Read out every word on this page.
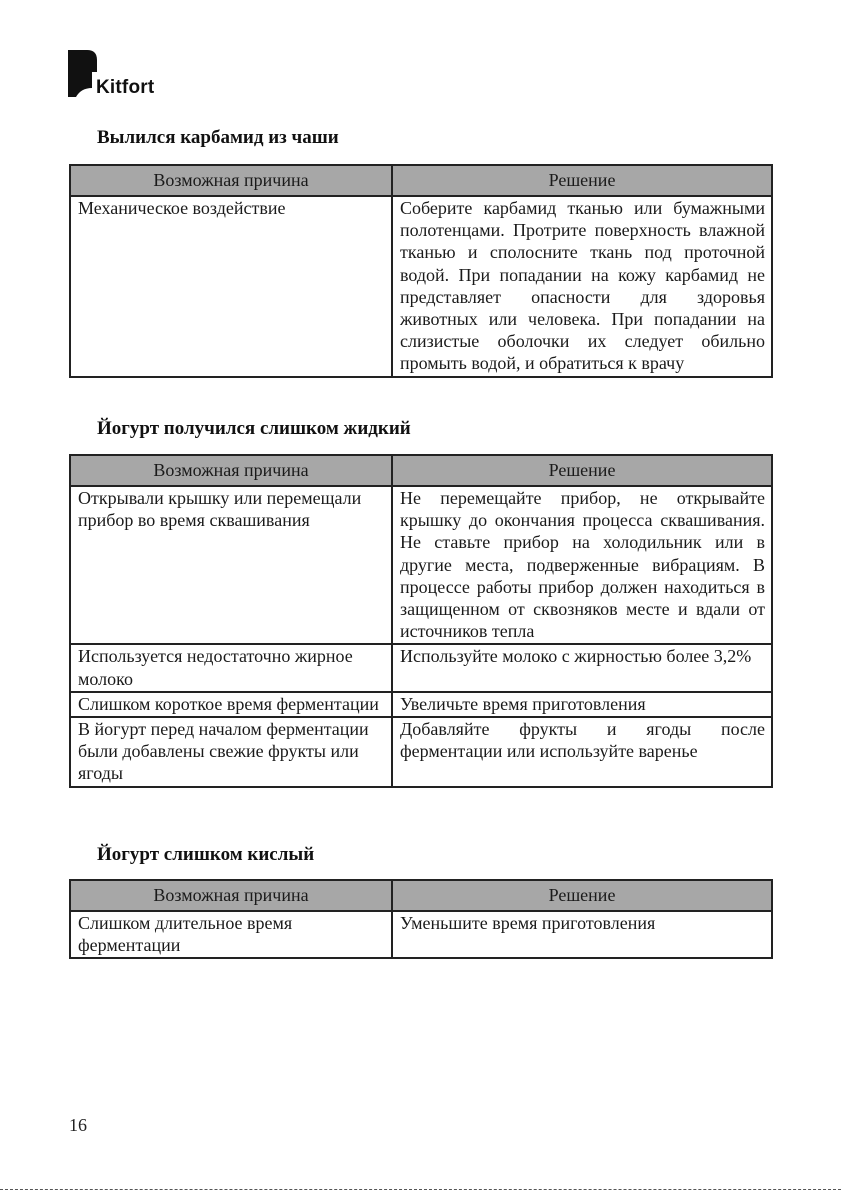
Kitfort
Вылился карбамид из чаши
Возможная причина	Решение
Механическое воздействие	Соберите карбамид тканью или бумажными полотенцами. Протрите поверхность влажной тканью и сполосните ткань под проточной водой. При попадании на кожу карбамид не представляет опасности для здоровья животных или человека. При попадании на слизистые оболочки их следует обильно промыть водой, и обратиться к врачу
Йогурт получился слишком жидкий
Возможная причина	Решение
Открывали крышку или перемещали прибор во время сквашивания	Не перемещайте прибор, не открывайте крышку до окончания процесса сквашивания. Не ставьте прибор на холодильник или в другие места, подверженные вибрациям. В процессе работы прибор должен находиться в защищенном от сквозняков месте и вдали от источников тепла
Используется недостаточно жирное молоко	Используйте молоко с жирностью более 3,2%
Слишком короткое время ферментации	Увеличьте время приготовления
В йогурт перед началом ферментации были добавлены свежие фрукты или ягоды	Добавляйте фрукты и ягоды после ферментации или используйте варенье
Йогурт слишком кислый
Возможная причина	Решение
Слишком длительное время ферментации	Уменьшите время приготовления
16
